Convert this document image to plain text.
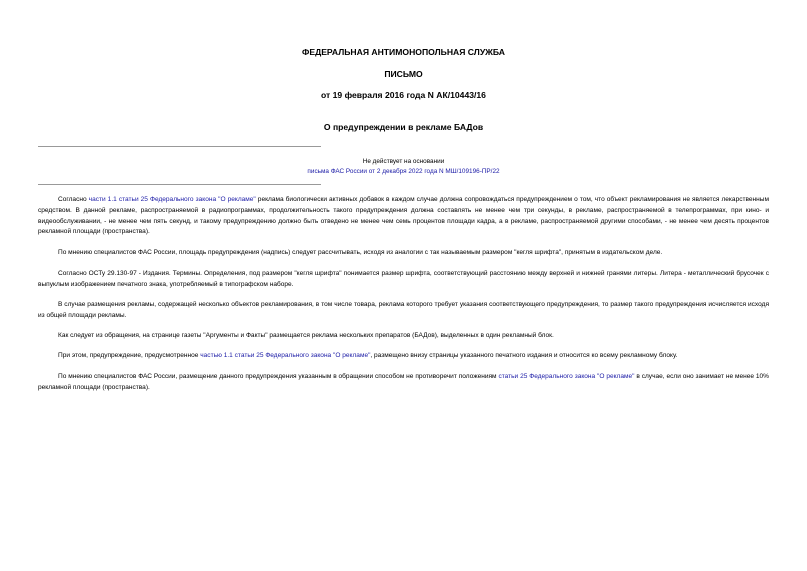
ФЕДЕРАЛЬНАЯ АНТИМОНОПОЛЬНАЯ СЛУЖБА
ПИСЬМО
от 19 февраля 2016 года N АК/10443/16
О предупреждении в рекламе БАДов
Не действует на основании
письма ФАС России от 2 декабря 2022 года N МШ/109196-ПР/22

Согласно части 1.1 статьи 25 Федерального закона "О рекламе" реклама биологически активных добавок в каждом случае должна сопровождаться предупреждением о том, что объект рекламирования не является лекарственным средством. В данной рекламе, распространяемой в радиопрограммах, продолжительность такого предупреждения должна составлять не менее чем три секунды, в рекламе, распространяемой в телепрограммах, при кино- и видеообслуживании, - не менее чем пять секунд, и такому предупреждению должно быть отведено не менее чем семь процентов площади кадра, а в рекламе, распространяемой другими способами, - не менее чем десять процентов рекламной площади (пространства).

По мнению специалистов ФАС России, площадь предупреждения (надпись) следует рассчитывать, исходя из аналогии с так называемым размером "кегля шрифта", принятым в издательском деле.

Согласно ОСТу 29.130-97 - Издания. Термины. Определения, под размером "кегля шрифта" понимается размер шрифта, соответствующий расстоянию между верхней и нижней гранями литеры. Литера - металлический брусочек с выпуклым изображением печатного знака, употребляемый в типографском наборе.

В случае размещения рекламы, содержащей несколько объектов рекламирования, в том числе товара, реклама которого требует указания соответствующего предупреждения, то размер такого предупреждения исчисляется исходя из общей площади рекламы.

Как следует из обращения, на странице газеты "Аргументы и Факты" размещается реклама нескольких препаратов (БАДов), выделенных в один рекламный блок.

При этом, предупреждение, предусмотренное частью 1.1 статьи 25 Федерального закона "О рекламе", размещено внизу страницы указанного печатного издания и относится ко всему рекламному блоку.

По мнению специалистов ФАС России, размещение данного предупреждения указанным в обращении способом не противоречит положениям статьи 25 Федерального закона "О рекламе" в случае, если оно занимает не менее 10% рекламной площади (пространства).
